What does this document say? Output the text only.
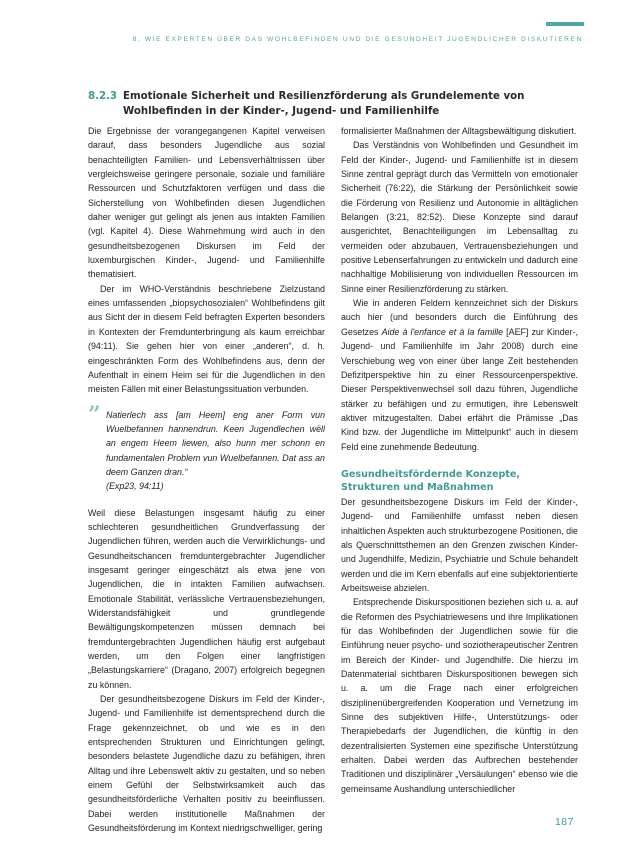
8. WIE EXPERTEN ÜBER DAS WOHLBEFINDEN UND DIE GESUNDHEIT JUGENDLICHER DISKUTIEREN
8.2.3 Emotionale Sicherheit und Resilienzförderung als Grundelemente von
Wohlbefinden in der Kinder-, Jugend- und Familienhilfe

Die Ergebnisse der vorangegangenen Kapitel verweisen darauf, dass besonders Jugendliche aus sozial benachteiligten Familien- und Lebensverhältnissen über vergleichsweise geringere personale, soziale und familiäre Ressourcen und Schutzfaktoren verfügen und dass die Sicherstellung von Wohlbefinden diesen Jugendlichen daher weniger gut gelingt als jenen aus intakten Familien (vgl. Kapitel 4). Diese Wahrnehmung wird auch in den gesundheitsbezogenen Diskursen im Feld der luxemburgischen Kinder-, Jugend- und Familienhilfe thematisiert.

Der im WHO-Verständnis beschriebene Zielzustand eines umfassenden „biopsychosozialen“ Wohlbefindens gilt aus Sicht der in diesem Feld befragten Experten besonders in Kontexten der Fremdunterbringung als kaum erreichbar (94:11). Sie gehen hier von einer „anderen“, d. h. eingeschränkten Form des Wohlbefindens aus, denn der Aufenthalt in einem Heim sei für die Jugendlichen in den meisten Fällen mit einer Belastungssituation verbunden.

” Natierlech ass [am Heem] eng aner Form vun Wuelbefannen hannendrun. Keen Jugendlechen wëll an engem Heem liewen, also hunn mer schonn en fundamentalen Problem vun Wuelbefannen. Dat ass an deem Ganzen dran.“
(Exp23, 94:11)

Weil diese Belastungen insgesamt häufig zu einer schlechteren gesundheitlichen Grundverfassung der Jugendlichen führen, werden auch die Verwirklichungs- und Gesundheitschancen fremduntergebrachter Jugendlicher insgesamt geringer eingeschätzt als etwa jene von Jugendlichen, die in intakten Familien aufwachsen. Emotionale Stabilität, verlässliche Vertrauensbeziehungen, Widerstandsfähigkeit und grundlegende Bewältigungskompetenzen müssen demnach bei fremduntergebrachten Jugendlichen häufig erst aufgebaut werden, um den Folgen einer langfristigen „Belastungskarriere“ (Dragano, 2007) erfolgreich begegnen zu können.

Der gesundheitsbezogene Diskurs im Feld der Kinder-, Jugend- und Familienhilfe ist dementsprechend durch die Frage gekennzeichnet, ob und wie es in den entsprechenden Strukturen und Einrichtungen gelingt, besonders belastete Jugendliche dazu zu befähigen, ihren Alltag und ihre Lebenswelt aktiv zu gestalten, und so neben einem Gefühl der Selbstwirksamkeit auch das gesundheitsförderliche Verhalten positiv zu beeinflussen. Dabei werden institutionelle Maßnahmen der Gesundheitsförderung im Kontext niedrigschwelliger, gering

formalisierter Maßnahmen der Alltagsbewältigung diskutiert.

Das Verständnis von Wohlbefinden und Gesundheit im Feld der Kinder-, Jugend- und Familienhilfe ist in diesem Sinne zentral geprägt durch das Vermitteln von emotionaler Sicherheit (76:22), die Stärkung der Persönlichkeit sowie die Förderung von Resilienz und Autonomie in alltäglichen Belangen (3:21, 82:52). Diese Konzepte sind darauf ausgerichtet, Benachteiligungen im Lebensalltag zu vermeiden oder abzubauen, Vertrauensbeziehungen und positive Lebenserfahrungen zu entwickeln und dadurch eine nachhaltige Mobilisierung von individuellen Ressourcen im Sinne einer Resilienzförderung zu stärken.

Wie in anderen Feldern kennzeichnet sich der Diskurs auch hier (und besonders durch die Einführung des Gesetzes Aide à l'enfance et à la famille [AEF] zur Kinder-, Jugend- und Familienhilfe im Jahr 2008) durch eine Verschiebung weg von einer über lange Zeit bestehenden Defizitperspektive hin zu einer Ressourcenperspektive. Dieser Perspektivenwechsel soll dazu führen, Jugendliche stärker zu befähigen und zu ermutigen, ihre Lebenswelt aktiver mitzugestalten. Dabei erfährt die Prämisse „Das Kind bzw. der Jugendliche im Mittelpunkt“ auch in diesem Feld eine zunehmende Bedeutung.

Gesundheitsfördernde Konzepte, Strukturen und Maßnahmen

Der gesundheitsbezogene Diskurs im Feld der Kinder-, Jugend- und Familienhilfe umfasst neben diesen inhaltlichen Aspekten auch strukturbezogene Positionen, die als Querschnittsthemen an den Grenzen zwischen Kinder- und Jugendhilfe, Medizin, Psychiatrie und Schule behandelt werden und die im Kern ebenfalls auf eine subjektorientierte Arbeitsweise abzielen.

Entsprechende Diskurspositionen beziehen sich u. a. auf die Reformen des Psychiatriewesens und ihre Implikationen für das Wohlbefinden der Jugendlichen sowie für die Einführung neuer psycho- und soziotherapeutischer Zentren im Bereich der Kinder- und Jugendhilfe. Die hierzu im Datenmaterial sichtbaren Diskurspositionen bewegen sich u. a. um die Frage nach einer erfolgreichen disziplinenübergreifenden Kooperation und Vernetzung im Sinne des subjektiven Hilfe-, Unterstützungs- oder Therapiebedarfs der Jugendlichen, die künftig in den dezentralisierten Systemen eine spezifische Unterstützung erhalten. Dabei werden das Aufbrechen bestehender Traditionen und disziplinärer „Versäulungen“ ebenso wie die gemeinsame Aushandlung unterschiedlicher

187
